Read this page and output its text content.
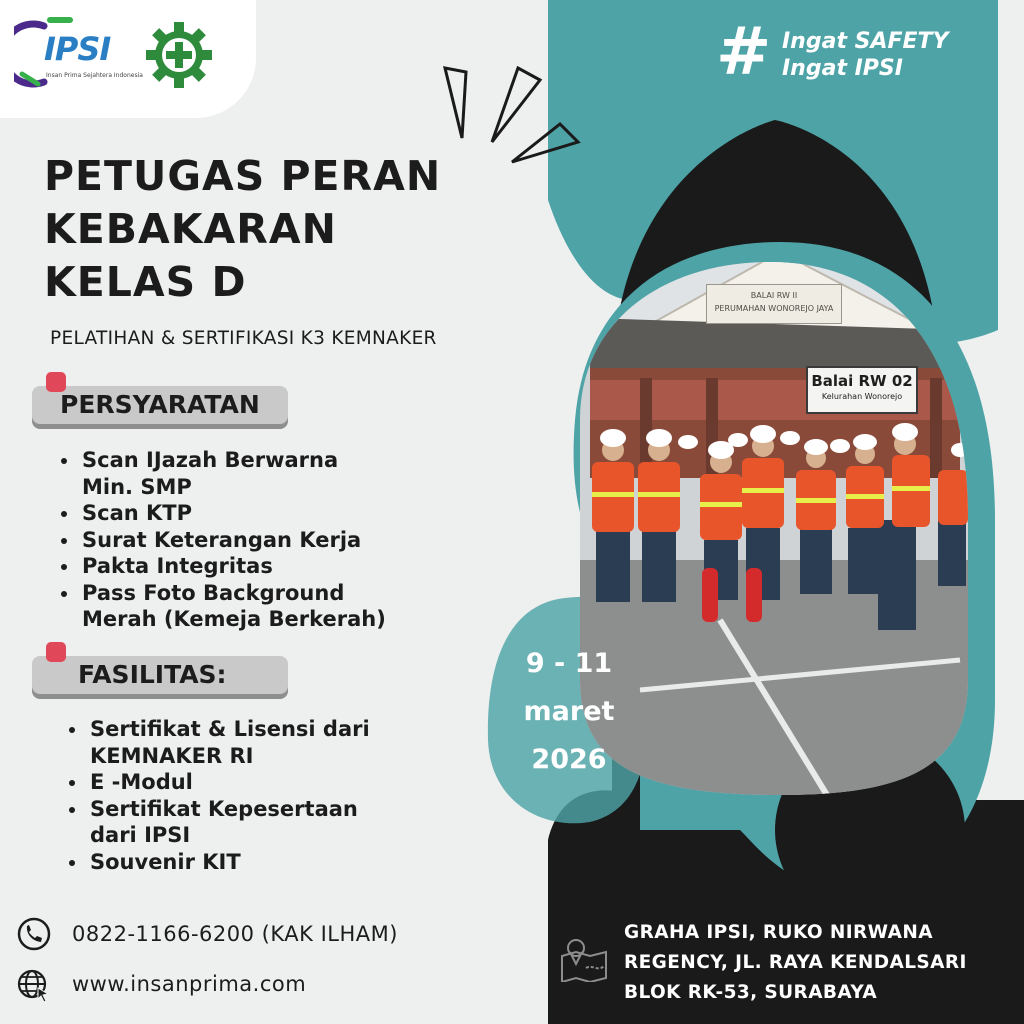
BALAI RW II
PERUMAHAN WONOREJO JAYA
Balai RW 02
Kelurahan Wonorejo
IPSI
Insan Prima Sejahtera Indonesia	# Ingat SAFETY
Ingat IPSI
PETUGAS PERAN
KEBAKARAN
KELAS D
PELATIHAN & SERTIFIKASI K3 KEMNAKER
PERSYARATAN
• Scan IJazah Berwarna Min. SMP
• Scan KTP
• Surat Keterangan Kerja
• Pakta Integritas
• Pass Foto Background Merah (Kemeja Berkerah)
FASILITAS:
• Sertifikat & Lisensi dari KEMNAKER RI
• E -Modul
• Sertifikat Kepesertaan dari IPSI
• Souvenir KIT
9 - 11
maret
2026
0822-1166-6200 (KAK ILHAM)
www.insanprima.com
GRAHA IPSI, RUKO NIRWANA
REGENCY, JL. RAYA KENDALSARI
BLOK RK-53, SURABAYA
